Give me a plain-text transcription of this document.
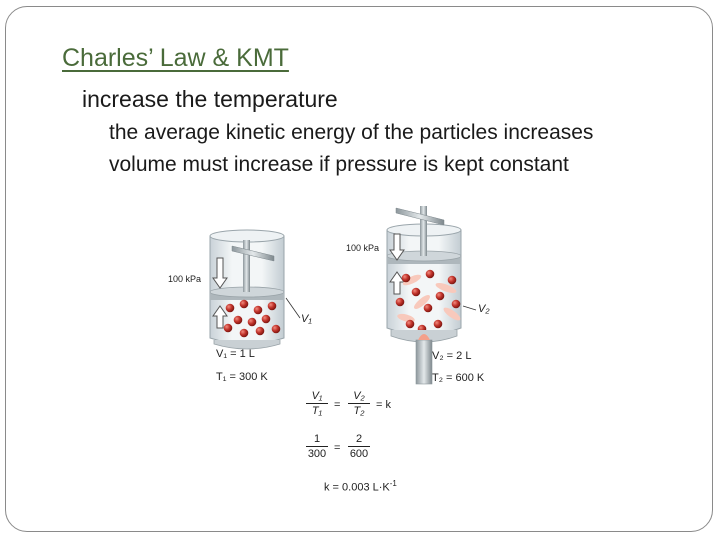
Charles’ Law & KMT
increase the temperature
the average kinetic energy of the particles increases
volume must increase if pressure is kept constant
100 kPa
V₁
V₁ = 1 L
T₁ = 300 K
100 kPa
V₂
V₂ = 2 L
T₂ = 600 K
V₁
T₁	=
V₂
T₂	= k
1
300 =
2
600
k = 0.003 $L\cdot K^{-1}$
